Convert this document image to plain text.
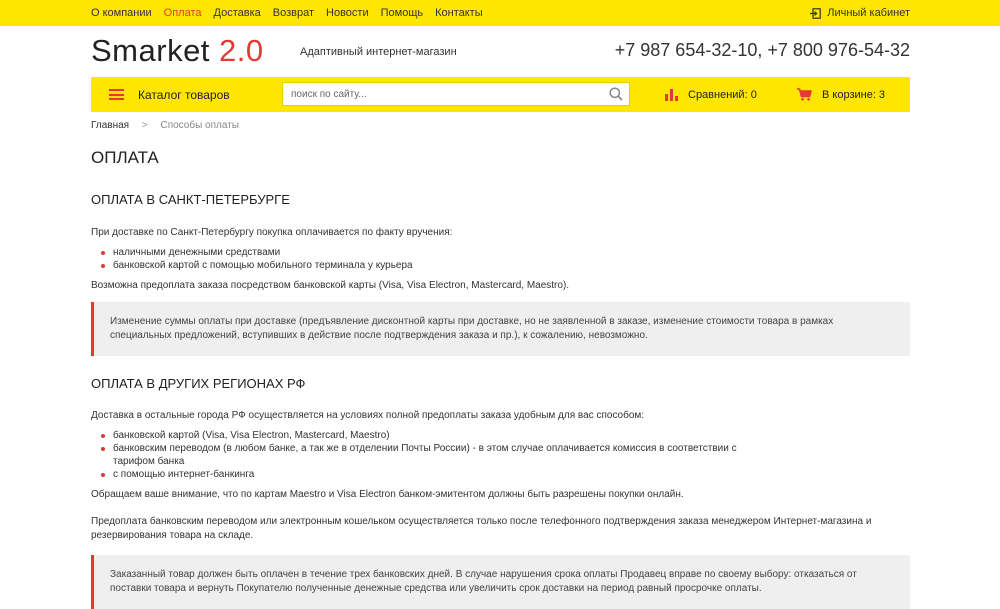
О компании Оплата Доставка Возврат Новости Помощь Контакты	Личный кабинет
Smarket 2.0	Адаптивный интернет-магазин	+7 987 654-32-10, +7 800 976-54-32
Каталог товаров
поиск по сайту...	Сравнений: 0	В корзине: 3
Главная > Способы оплаты
ОПЛАТА
ОПЛАТА В САНКТ-ПЕТЕРБУРГЕ

При доставке по Санкт-Петербургу покупка оплачивается по факту вручения:

наличными денежными средствами
банковской картой с помощью мобильного терминала у курьера

Возможна предоплата заказа посредством банковской карты (Visa, Visa Electron, Mastercard, Maestro).

Изменение суммы оплаты при доставке (предъявление дисконтной карты при доставке, но не заявленной в заказе, изменение стоимости товара в рамках специальных предложений, вступивших в действие после подтверждения заказа и пр.), к сожалению, невозможно.
ОПЛАТА В ДРУГИХ РЕГИОНАХ РФ

Доставка в остальные города РФ осуществляется на условиях полной предоплаты заказа удобным для вас способом:

банковской картой (Visa, Visa Electron, Mastercard, Maestro)
банковским переводом (в любом банке, а так же в отделении Почты России) - в этом случае оплачивается комиссия в соответствии с тарифом банка
с помощью интернет-банкинга

Обращаем ваше внимание, что по картам Maestro и Visa Electron банком-эмитентом должны быть разрешены покупки онлайн.

Предоплата банковским переводом или электронным кошельком осуществляется только после телефонного подтверждения заказа менеджером Интернет-магазина и резервирования товара на складе.

Заказанный товар должен быть оплачен в течение трех банковских дней. В случае нарушения срока оплаты Продавец вправе по своему выбору: отказаться от поставки товара и вернуть Покупателю полученные денежные средства или увеличить срок доставки на период равный просрочке оплаты.
